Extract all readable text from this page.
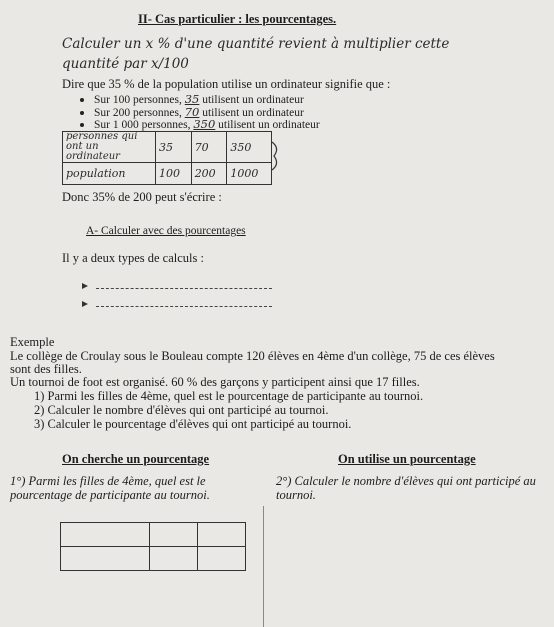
II- Cas particulier : les pourcentages.
Calculer un x % d'une quantité revient à multiplier cette
quantité par x/100
Dire que 35 % de la population utilise un ordinateur signifie que :
Sur 100 personnes, 35 utilisent un ordinateur
Sur 200 personnes, 70 utilisent un ordinateur
Sur 1 000 personnes, 350 utilisent un ordinateur
personnes qui ont un ordinateur	35	70	350
population	100	200	1000
Donc 35% de 200 peut s'écrire :
A- Calculer avec des pourcentages
Il y a deux types de calculs :
Exemple
Le collège de Croulay sous le Bouleau compte 120 élèves en 4ème d'un collège, 75 de ces élèves
sont des filles.
Un tournoi de foot est organisé. 60 % des garçons y participent ainsi que 17 filles.
1) Parmi les filles de 4ème, quel est le pourcentage de participante au tournoi.
2) Calculer le nombre d'élèves qui ont participé au tournoi.
3) Calculer le pourcentage d'élèves qui ont participé au tournoi.
On cherche un pourcentage	On utilise un pourcentage
1°) Parmi les filles de 4ème, quel est le
pourcentage de participante au tournoi.
2°) Calculer le nombre d'élèves qui ont participé au
tournoi.
